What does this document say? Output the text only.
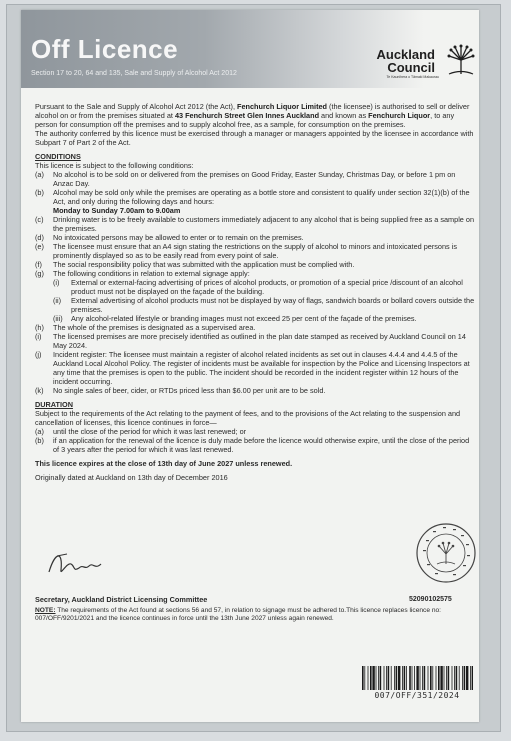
Off Licence
Section 17 to 20, 64 and 135, Sale and Supply of Alcohol Act 2012
Auckland
Council
Te Kaunihera o Tāmaki Makaurau

Pursuant to the Sale and Supply of Alcohol Act 2012 (the Act), Fenchurch Liquor Limited (the licensee) is authorised to sell or deliver alcohol on or from the premises situated at 43 Fenchurch Street Glen Innes Auckland and known as Fenchurch Liquor, to any person for consumption off the premises and to supply alcohol free, as a sample, for consumption on the premises.

The authority conferred by this licence must be exercised through a manager or managers appointed by the licensee in accordance with Subpart 7 of Part 2 of the Act.

CONDITIONS

This licence is subject to the following conditions:

(a) No alcohol is to be sold on or delivered from the premises on Good Friday, Easter Sunday, Christmas Day, or before 1 pm on Anzac Day.
(b) Alcohol may be sold only while the premises are operating as a bottle store and consistent to qualify under section 32(1)(b) of the Act, and only during the following days and hours:
Monday to Sunday 7.00am to 9.00am
(c) Drinking water is to be freely available to customers immediately adjacent to any alcohol that is being supplied free as a sample on the premises.
(d) No intoxicated persons may be allowed to enter or to remain on the premises.
(e) The licensee must ensure that an A4 sign stating the restrictions on the supply of alcohol to minors and intoxicated persons is prominently displayed so as to be easily read from every point of sale.
(f) The social responsibility policy that was submitted with the application must be complied with.
(g) The following conditions in relation to external signage apply:
(i) External or external-facing advertising of prices of alcohol products, or promotion of a special price /discount of an alcohol product must not be displayed on the façade of the building.
(ii) External advertising of alcohol products must not be displayed by way of flags, sandwich boards or bollard covers outside the premises.
(iii) Any alcohol-related lifestyle or branding images must not exceed 25 per cent of the façade of the premises.
(h) The whole of the premises is designated as a supervised area.
(i) The licensed premises are more precisely identified as outlined in the plan date stamped as received by Auckland Council on 14 May 2024.
(j) Incident register: The licensee must maintain a register of alcohol related incidents as set out in clauses 4.4.4 and 4.4.5 of the Auckland Local Alcohol Policy. The register of incidents must be available for inspection by the Police and Licensing Inspectors at any time that the premises is open to the public. The incident should be recorded in the incident register within 12 hours of the incident occurring.
(k) No single sales of beer, cider, or RTDs priced less than $6.00 per unit are to be sold.

DURATION

Subject to the requirements of the Act relating to the payment of fees, and to the provisions of the Act relating to the suspension and cancellation of licenses, this licence continues in force—

(a) until the close of the period for which it was last renewed; or
(b) if an application for the renewal of the licence is duly made before the licence would otherwise expire, until the close of the period of 3 years after the period for which it was last renewed.

This licence expires at the close of 13th day of June 2027 unless renewed.

Originally dated at Auckland on 13th day of December 2016

Secretary, Auckland District Licensing Committee	52090102575
NOTE: The requirements of the Act found at sections 56 and 57, in relation to signage must be adhered to.This licence replaces licence no: 007/OFF/9201/2021 and the licence continues in force until the 13th June 2027 unless again renewed.
007/OFF/351/2024
